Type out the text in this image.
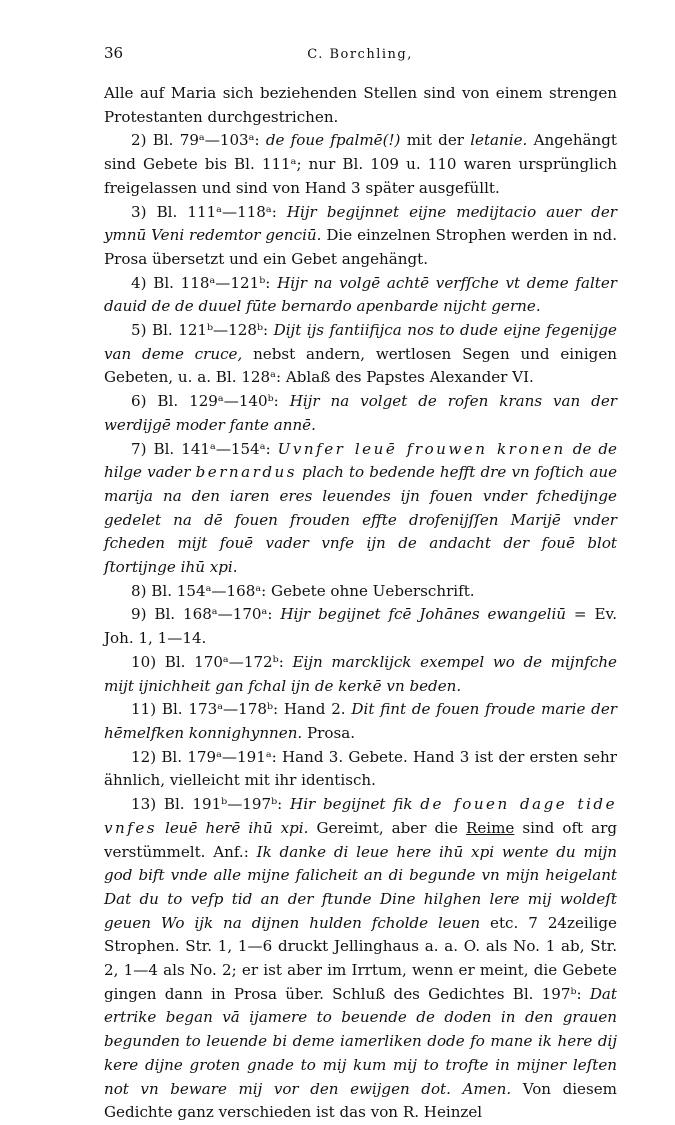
36	C. Borchling,

Alle auf Maria sich beziehenden Stellen sind von einem strengen Protestanten durchgestrichen.

2) Bl. 79ᵃ—103ᵃ: de foue fpalmē(!) mit der letanie. Angehängt sind Gebete bis Bl. 111ᵃ; nur Bl. 109 u. 110 waren ursprünglich freigelassen und sind von Hand 3 später ausgefüllt.

3) Bl. 111ᵃ—118ᵃ: Hijr begijnnet eijne medijtacio auer der ymnū Veni redemtor genciū. Die einzelnen Strophen werden in nd. Prosa übersetzt und ein Gebet angehängt.

4) Bl. 118ᵃ—121ᵇ: Hijr na volgē achtē verfſche vt deme falter dauid de de duuel fūte bernardo apenbarde nijcht gerne.

5) Bl. 121ᵇ—128ᵇ: Dijt ijs fantiifijca nos to dude eijne fegenijge van deme cruce, nebst andern, wertlosen Segen und einigen Gebeten, u. a. Bl. 128ᵃ: Ablaß des Papstes Alexander VI.

6) Bl. 129ᵃ—140ᵇ: Hijr na volget de rofen krans van der werdijgē moder fante annē.

7) Bl. 141ᵃ—154ᵃ: Uvnfer leuē frouwen kronen de de hilge vader bernardus plach to bedende hefft dre vn foſtich aue marija na den iaren eres leuendes ijn fouen vnder fchedijnge gedelet na dē fouen frouden effte drofenijſſen Marijē vnder fcheden mijt fouē vader vnfe ijn de andacht der fouē blot ſtortijnge ihū xpi.

8) Bl. 154ᵃ—168ᵃ: Gebete ohne Ueberschrift.

9) Bl. 168ᵃ—170ᵃ: Hijr begijnet fcē Johānes ewangeliū = Ev. Joh. 1, 1—14.

10) Bl. 170ᵃ—172ᵇ: Eijn marcklijck exempel wo de mijnfche mijt ijnichheit gan fchal ijn de kerkē vn beden.

11) Bl. 173ᵃ—178ᵇ: Hand 2. Dit fint de fouen froude marie der hēmelfken konnighynnen. Prosa.

12) Bl. 179ᵃ—191ᵃ: Hand 3. Gebete. Hand 3 ist der ersten sehr ähnlich, vielleicht mit ihr identisch.

13) Bl. 191ᵇ—197ᵇ: Hir begijnet fik de fouen dage tide vnfes leuē herē ihū xpi. Gereimt, aber die Reime sind oft arg verstümmelt. Anf.: Ik danke di leue here ihū xpi wente du mijn god bift vnde alle mijne falicheit an di begunde vn mijn heigelant Dat du to vefp tid an der ftunde Dine hilghen lere mij woldeſt geuen Wo ijk na dijnen hulden fcholde leuen etc. 7 24zeilige Strophen. Str. 1, 1—6 druckt Jellinghaus a. a. O. als No. 1 ab, Str. 2, 1—4 als No. 2; er ist aber im Irrtum, wenn er meint, die Gebete gingen dann in Prosa über. Schluß des Gedichtes Bl. 197ᵇ: Dat ertrike began vā ijamere to beuende de doden in den grauen begunden to leuende bi deme iamerliken dode fo mane ik here dij kere dijne groten gnade to mij kum mij to trofte in mijner leſten not vn beware mij vor den ewijgen dot. Amen. Von diesem Gedichte ganz verschieden ist das von R. Heinzel
